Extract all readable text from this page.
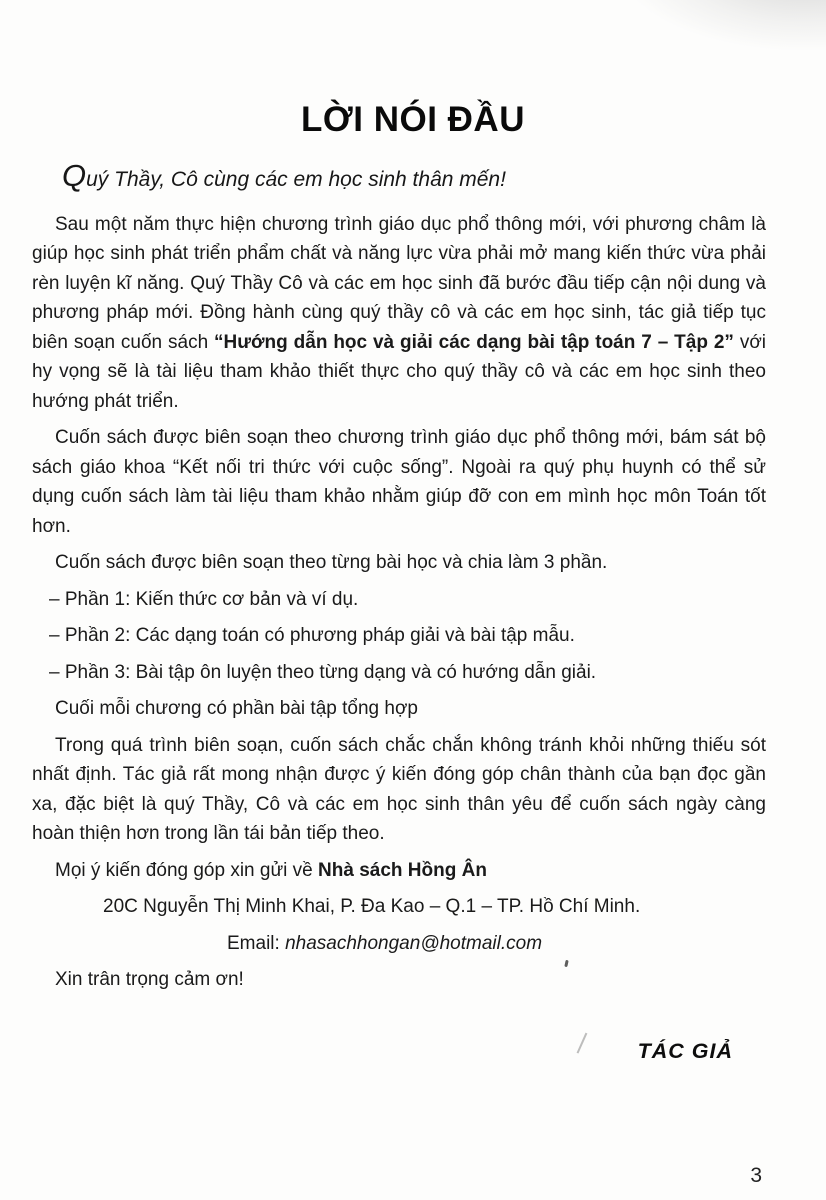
LỜI NÓI ĐẦU

Quý Thầy, Cô cùng các em học sinh thân mến!

Sau một năm thực hiện chương trình giáo dục phổ thông mới, với phương châm là giúp học sinh phát triển phẩm chất và năng lực vừa phải mở mang kiến thức vừa phải rèn luyện kĩ năng. Quý Thầy Cô và các em học sinh đã bước đầu tiếp cận nội dung và phương pháp mới. Đồng hành cùng quý thầy cô và các em học sinh, tác giả tiếp tục biên soạn cuốn sách “Hướng dẫn học và giải các dạng bài tập toán 7 – Tập 2” với hy vọng sẽ là tài liệu tham khảo thiết thực cho quý thầy cô và các em học sinh theo hướng phát triển.

Cuốn sách được biên soạn theo chương trình giáo dục phổ thông mới, bám sát bộ sách giáo khoa “Kết nối tri thức với cuộc sống”. Ngoài ra quý phụ huynh có thể sử dụng cuốn sách làm tài liệu tham khảo nhằm giúp đỡ con em mình học môn Toán tốt hơn.

Cuốn sách được biên soạn theo từng bài học và chia làm 3 phần.

– Phần 1: Kiến thức cơ bản và ví dụ.

– Phần 2: Các dạng toán có phương pháp giải và bài tập mẫu.

– Phần 3: Bài tập ôn luyện theo từng dạng và có hướng dẫn giải.

Cuối mỗi chương có phần bài tập tổng hợp

Trong quá trình biên soạn, cuốn sách chắc chắn không tránh khỏi những thiếu sót nhất định. Tác giả rất mong nhận được ý kiến đóng góp chân thành của bạn đọc gần xa, đặc biệt là quý Thầy, Cô và các em học sinh thân yêu để cuốn sách ngày càng hoàn thiện hơn trong lần tái bản tiếp theo.

Mọi ý kiến đóng góp xin gửi về Nhà sách Hồng Ân

20C Nguyễn Thị Minh Khai, P. Đa Kao – Q.1 – TP. Hồ Chí Minh.

Email: nhasachhongan@hotmail.com

Xin trân trọng cảm ơn!

TÁC GIẢ

3
